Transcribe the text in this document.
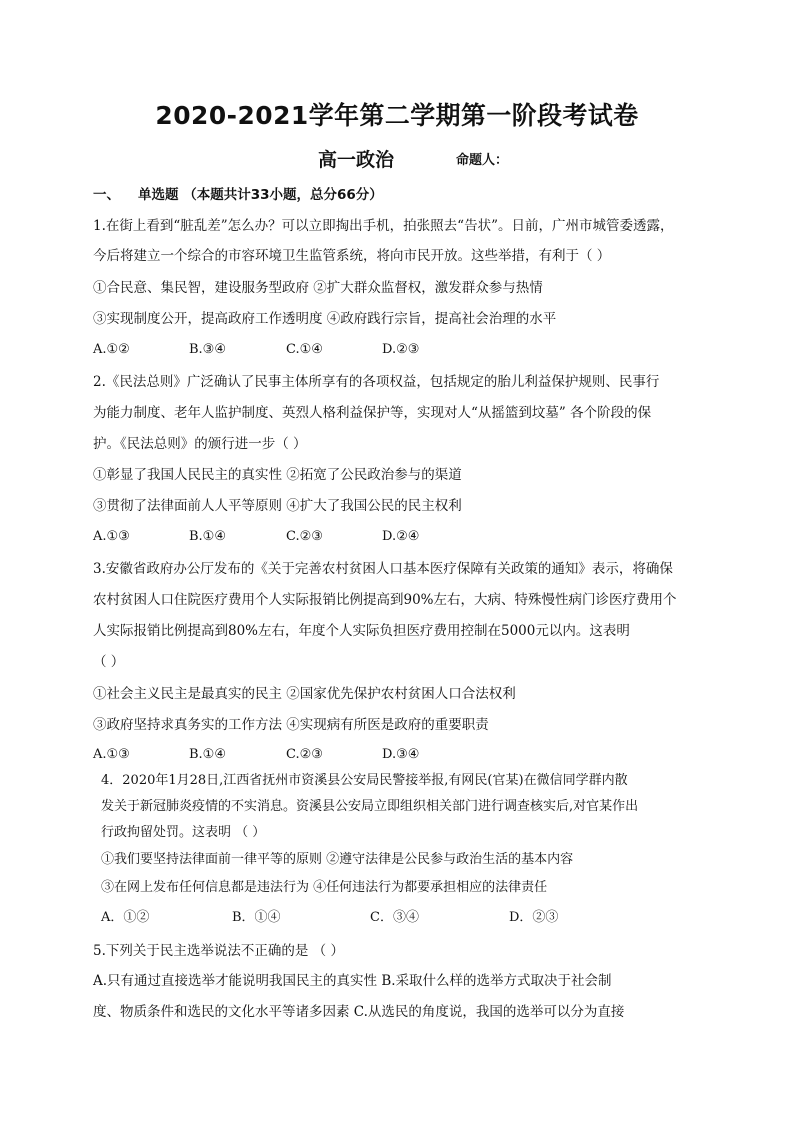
2020-2021学年第二学期第一阶段考试卷
高一政治	命题人：
一、 单选题 （本题共计33小题，总分66分）
1.在街上看到“脏乱差”怎么办？可以立即掏出手机，拍张照去“告状”。日前，广州市城管委透露，
今后将建立一个综合的市容环境卫生监管系统，将向市民开放。这些举措，有利于（ ）
①合民意、集民智，建设服务型政府 ②扩大群众监督权，激发群众参与热情
③实现制度公开，提高政府工作透明度 ④政府践行宗旨，提高社会治理的水平
A.①②	B.③④	C.①④	D.②③
2.《民法总则》广泛确认了民事主体所享有的各项权益，包括规定的胎儿利益保护规则、民事行
为能力制度、老年人监护制度、英烈人格利益保护等，实现对人“从摇篮到坟墓” 各个阶段的保
护。《民法总则》的颁行进一步（ ）
①彰显了我国人民民主的真实性 ②拓宽了公民政治参与的渠道
③贯彻了法律面前人人平等原则 ④扩大了我国公民的民主权利
A.①③	B.①④	C.②③	D.②④
3.安徽省政府办公厅发布的《关于完善农村贫困人口基本医疗保障有关政策的通知》表示，将确保
农村贫困人口住院医疗费用个人实际报销比例提高到90%左右，大病、特殊慢性病门诊医疗费用个
人实际报销比例提高到80%左右，年度个人实际负担医疗费用控制在5000元以内。这表明
（ ）
①社会主义民主是最真实的民主 ②国家优先保护农村贫困人口合法权利
③政府坚持求真务实的工作方法 ④实现病有所医是政府的重要职责
A.①③	B.①④	C.②③	D.③④
4．2020年1月28日,江西省抚州市资溪县公安局民警接举报,有网民(官某)在微信同学群内散
发关于新冠肺炎疫情的不实消息。资溪县公安局立即组织相关部门进行调查核实后,对官某作出
行政拘留处罚。这表明 （ ）
①我们要坚持法律面前一律平等的原则 ②遵守法律是公民参与政治生活的基本内容
③在网上发布任何信息都是违法行为 ④任何违法行为都要承担相应的法律责任
A．①②	B．①④	C．③④	D．②③
5.下列关于民主选举说法不正确的是 （ ）
A.只有通过直接选举才能说明我国民主的真实性 B.采取什么样的选举方式取决于社会制
度、物质条件和选民的文化水平等诸多因素 C.从选民的角度说，我国的选举可以分为直接
